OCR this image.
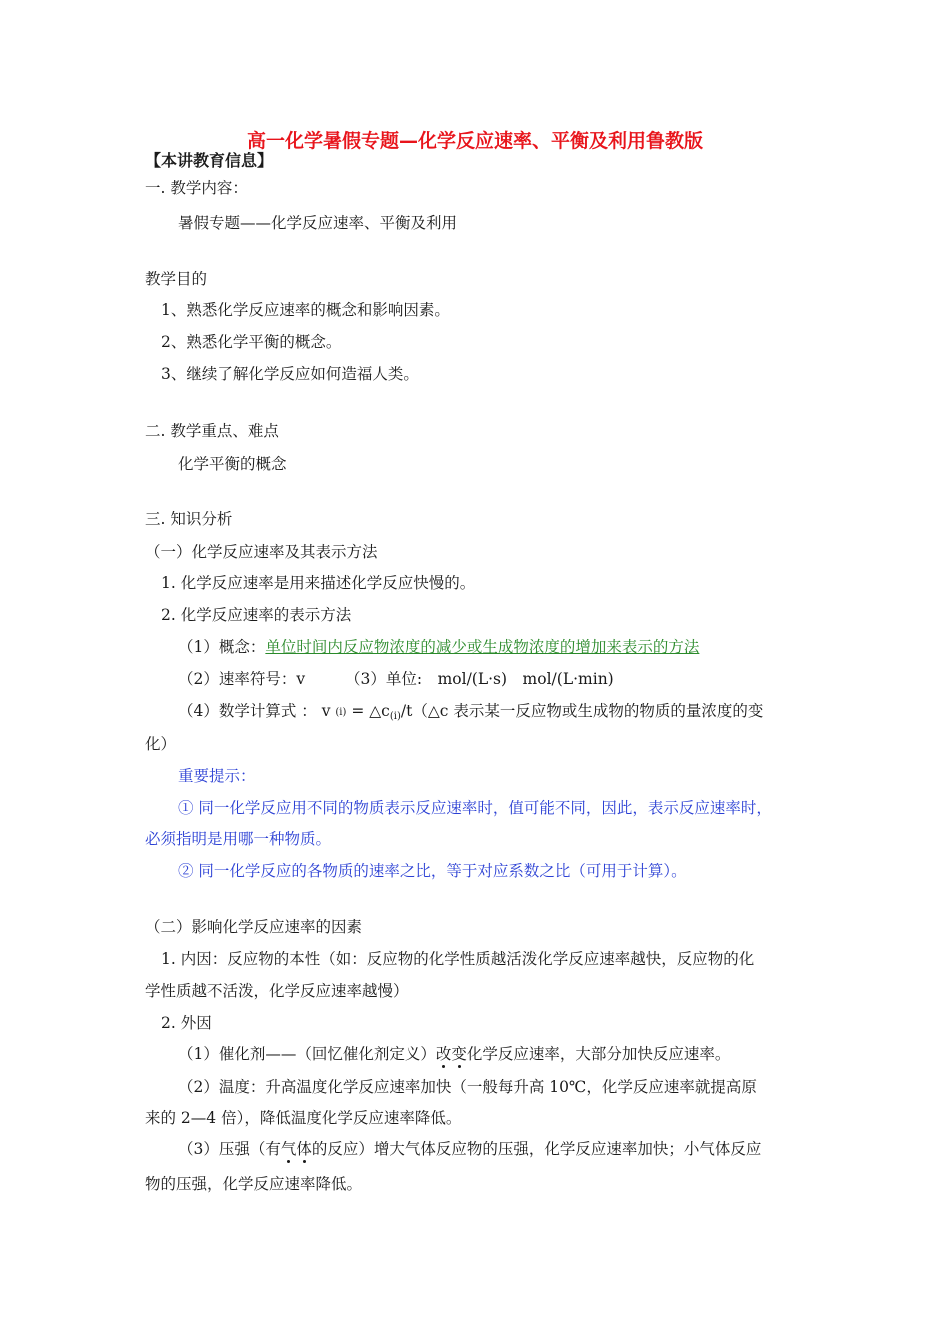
高一化学暑假专题—化学反应速率、平衡及利用鲁教版
【本讲教育信息】
一. 教学内容：
暑假专题——化学反应速率、平衡及利用
教学目的
1、熟悉化学反应速率的概念和影响因素。
2、熟悉化学平衡的概念。
3、继续了解化学反应如何造福人类。
二. 教学重点、难点
化学平衡的概念
三. 知识分析
（一）化学反应速率及其表示方法
1. 化学反应速率是用来描述化学反应快慢的。
2. 化学反应速率的表示方法
（1）概念：单位时间内反应物浓度的减少或生成物浓度的增加来表示的方法
（2）速率符号：v	（3）单位:　mol/(L·s)　mol/(L·min)
（4）数学计算式 ： v $(i) = \triangle c_{(i)}/t(\triangle c$ 表示某一反应物或生成物的物质的量浓度的变
化）
重要提示：
① 同一化学反应用不同的物质表示反应速率时，值可能不同，因此，表示反应速率时，
必须指明是用哪一种物质。
② 同一化学反应的各物质的速率之比，等于对应系数之比（可用于计算）。
（二）影响化学反应速率的因素
1. 内因：反应物的本性（如：反应物的化学性质越活泼化学反应速率越快，反应物的化
学性质越不活泼，化学反应速率越慢）
2. 外因
（1）催化剂——（回忆催化剂定义）改变化学反应速率，大部分加快反应速率。
（2）温度：升高温度化学反应速率加快（一般每升高 10℃，化学反应速率就提高原
来的 2—4 倍），降低温度化学反应速率降低。
（3）压强（有气体的反应）增大气体反应物的压强，化学反应速率加快；小气体反应
物的压强，化学反应速率降低。
